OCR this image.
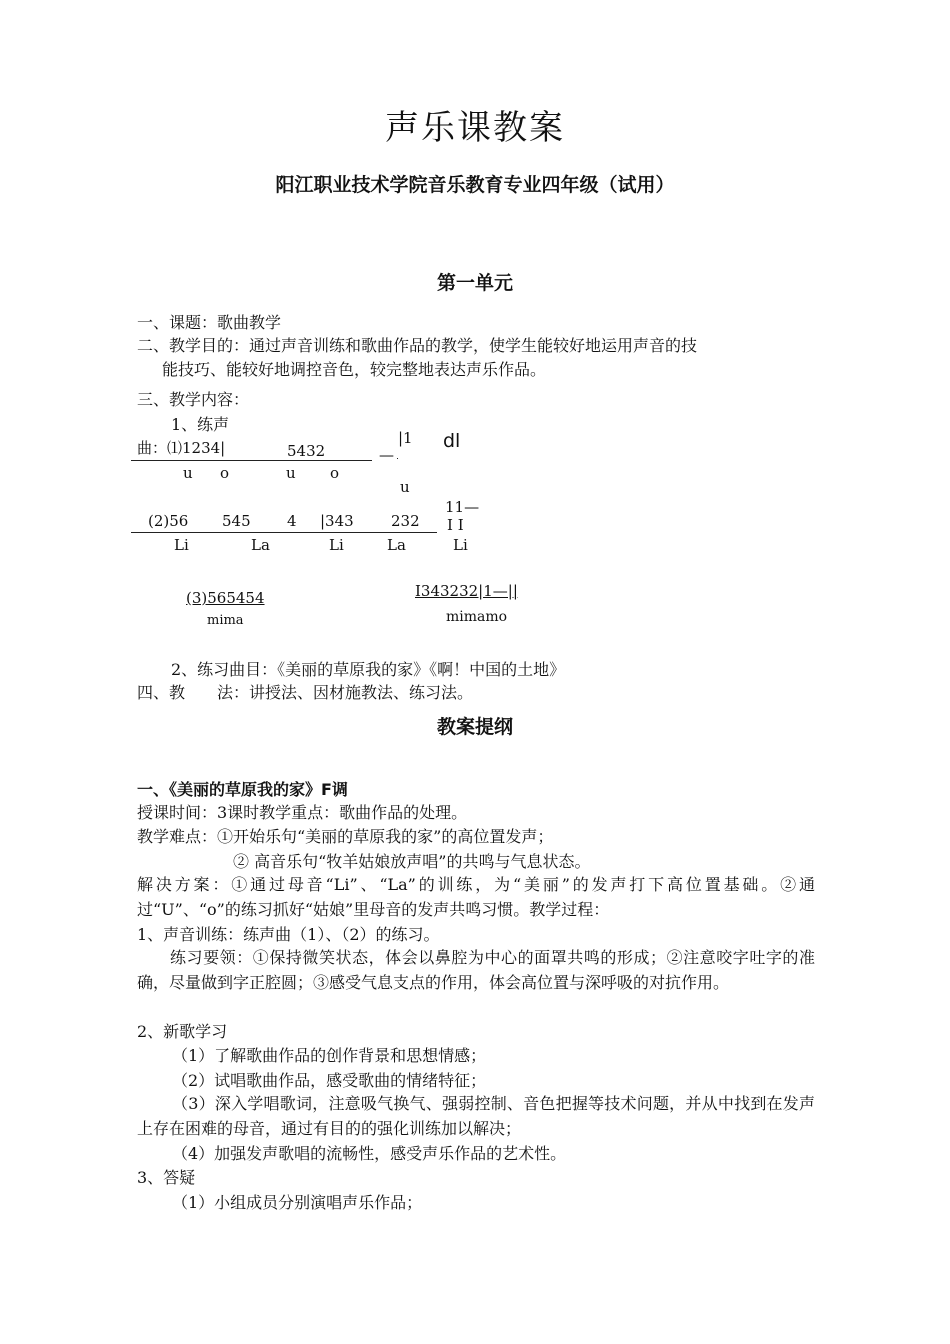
声乐课教案
阳江职业技术学院音乐教育专业四年级（试用）
第一单元
一、课题：歌曲教学
二、教学目的：通过声音训练和歌曲作品的教学，使学生能较好地运用声音的技
能技巧、能较好地调控音色，较完整地表达声乐作品。
三、教学内容：
1、练声
曲：⑴1234|	5432	—
|1 dl
u o	u o
u
(2)56 545 4 |343 232
11—
I I
Li	La	Li	La	Li
(3)565454	I343232|1—||
mima	mimamo
2、练习曲目：《美丽的草原我的家》《啊！中国的土地》
四、教　　法：讲授法、因材施教法、练习法。
教案提纲
一、《美丽的草原我的家》F调
授课时间：3课时教学重点：歌曲作品的处理。
教学难点：①开始乐句“美丽的草原我的家”的高位置发声；
② 高音乐句“牧羊姑娘放声唱”的共鸣与气息状态。
解决方案：①通过母音“Li”、“La”的训练，为“美丽”的发声打下高位置基础。②通过“U”、“o”的练习抓好“姑娘”里母音的发声共鸣习惯。教学过程：
1、声音训练：练声曲（1）、（2）的练习。
练习要领：①保持微笑状态，体会以鼻腔为中心的面罩共鸣的形成；②注意咬字吐字的准确，尽量做到字正腔圆；③感受气息支点的作用，体会高位置与深呼吸的对抗作用。
2、新歌学习
（1）了解歌曲作品的创作背景和思想情感；
（2）试唱歌曲作品，感受歌曲的情绪特征；
（3）深入学唱歌词，注意吸气换气、强弱控制、音色把握等技术问题，并从中找到在发声上存在困难的母音，通过有目的的强化训练加以解决；
（4）加强发声歌唱的流畅性，感受声乐作品的艺术性。
3、答疑
（1）小组成员分别演唱声乐作品；
